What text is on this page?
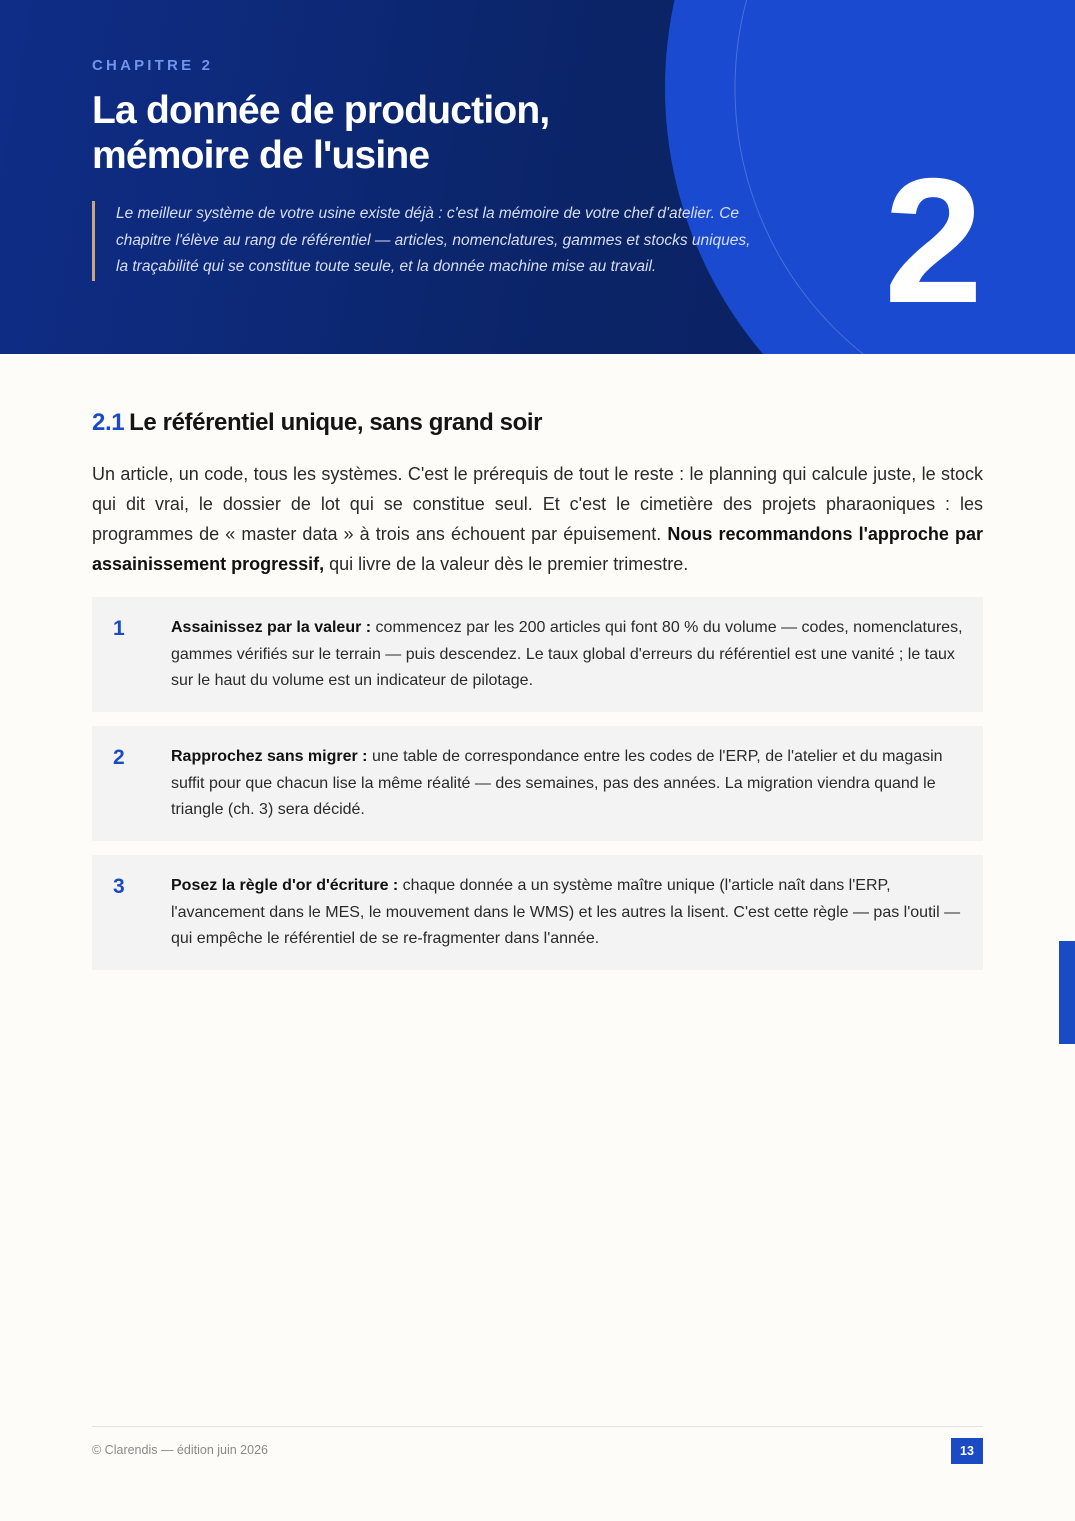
CHAPITRE 2
La donnée de production,
mémoire de l'usine
Le meilleur système de votre usine existe déjà : c'est la mémoire de votre chef d'atelier. Ce chapitre l'élève au rang de référentiel — articles, nomenclatures, gammes et stocks uniques, la traçabilité qui se constitue toute seule, et la donnée machine mise au travail.	2
2.1 Le référentiel unique, sans grand soir

Un article, un code, tous les systèmes. C'est le prérequis de tout le reste : le planning qui calcule juste, le stock qui dit vrai, le dossier de lot qui se constitue seul. Et c'est le cimetière des projets pharaoniques : les programmes de « master data » à trois ans échouent par épuisement. Nous recommandons l'approche par assainissement progressif, qui livre de la valeur dès le premier trimestre.

1	Assainissez par la valeur : commencez par les 200 articles qui font 80 % du volume — codes, nomenclatures, gammes vérifiés sur le terrain — puis descendez. Le taux global d'erreurs du référentiel est une vanité ; le taux sur le haut du volume est un indicateur de pilotage.

2	Rapprochez sans migrer : une table de correspondance entre les codes de l'ERP, de l'atelier et du magasin suffit pour que chacun lise la même réalité — des semaines, pas des années. La migration viendra quand le triangle (ch. 3) sera décidé.

3	Posez la règle d'or d'écriture : chaque donnée a un système maître unique (l'article naît dans l'ERP, l'avancement dans le MES, le mouvement dans le WMS) et les autres la lisent. C'est cette règle — pas l'outil — qui empêche le référentiel de se re-fragmenter dans l'année.

© Clarendis — édition juin 2026	13
